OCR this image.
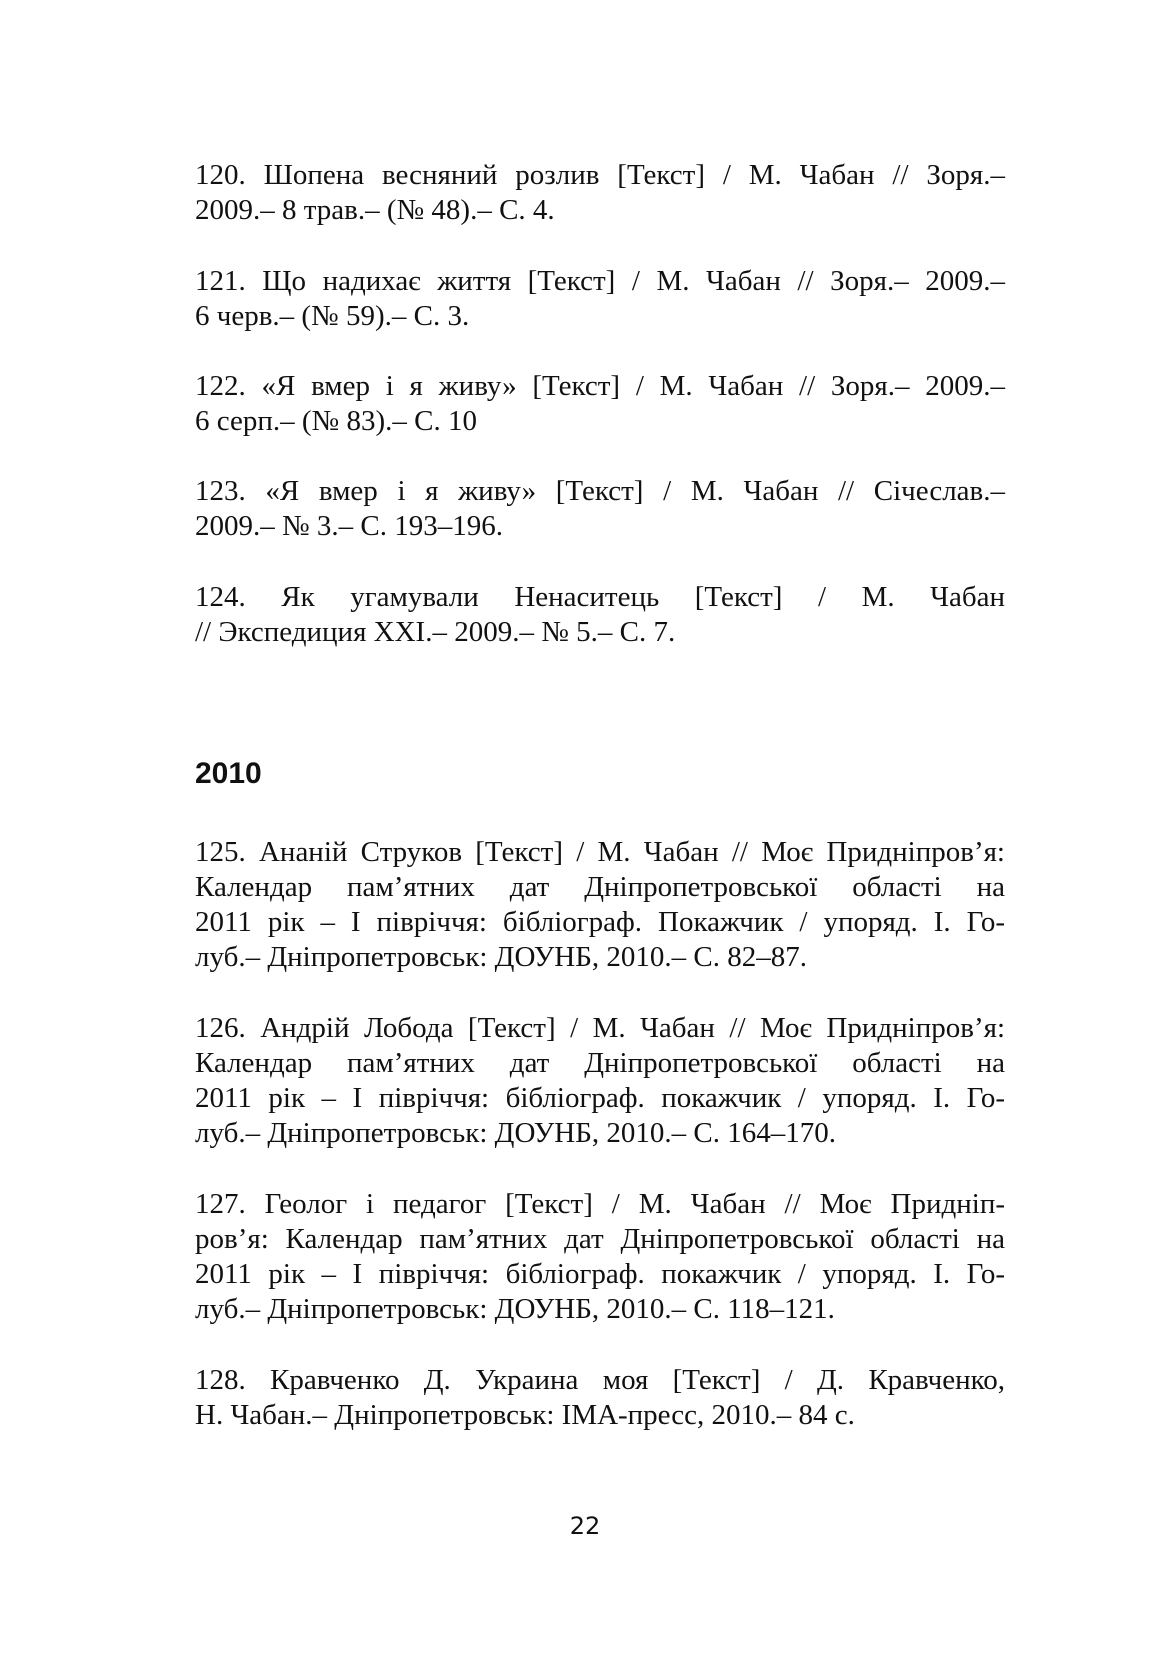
120. Шопена весняний розлив [Текст] / М. Чабан // Зоря.–
2009.– 8 трав.– (№ 48).– С. 4.

121. Що надихає життя [Текст] / М. Чабан // Зоря.– 2009.–
6 черв.– (№ 59).– С. 3.

122. «Я вмер і я живу» [Текст] / М. Чабан // Зоря.– 2009.–
6 серп.– (№ 83).– С. 10

123. «Я вмер і я живу» [Текст] / М. Чабан // Січеслав.–
2009.– № 3.– С. 193–196.

124. Як угамували Ненаситець [Текст] / М. Чабан
// Экспедиция XXI.– 2009.– № 5.– С. 7.

2010

125. Ананій Струков [Текст] / М. Чабан // Моє Придніпров’я:
Календар пам’ятних дат Дніпропетровської області на
2011 рік – І півріччя: бібліограф. Покажчик / упоряд. І. Го-
луб.– Дніпропетровськ: ДОУНБ, 2010.– С. 82–87.

126. Андрій Лобода [Текст] / М. Чабан // Моє Придніпров’я:
Календар пам’ятних дат Дніпропетровської області на
2011 рік – І півріччя: бібліограф. покажчик / упоряд. І. Го-
луб.– Дніпропетровськ: ДОУНБ, 2010.– С. 164–170.

127. Геолог і педагог [Текст] / М. Чабан // Моє Придніп-
ров’я: Календар пам’ятних дат Дніпропетровської області на
2011 рік – І півріччя: бібліограф. покажчик / упоряд. І. Го-
луб.– Дніпропетровськ: ДОУНБ, 2010.– С. 118–121.

128. Кравченко Д. Украина моя [Текст] / Д. Кравченко,
Н. Чабан.– Дніпропетровськ: ІМА-пресс, 2010.– 84 с.

22
